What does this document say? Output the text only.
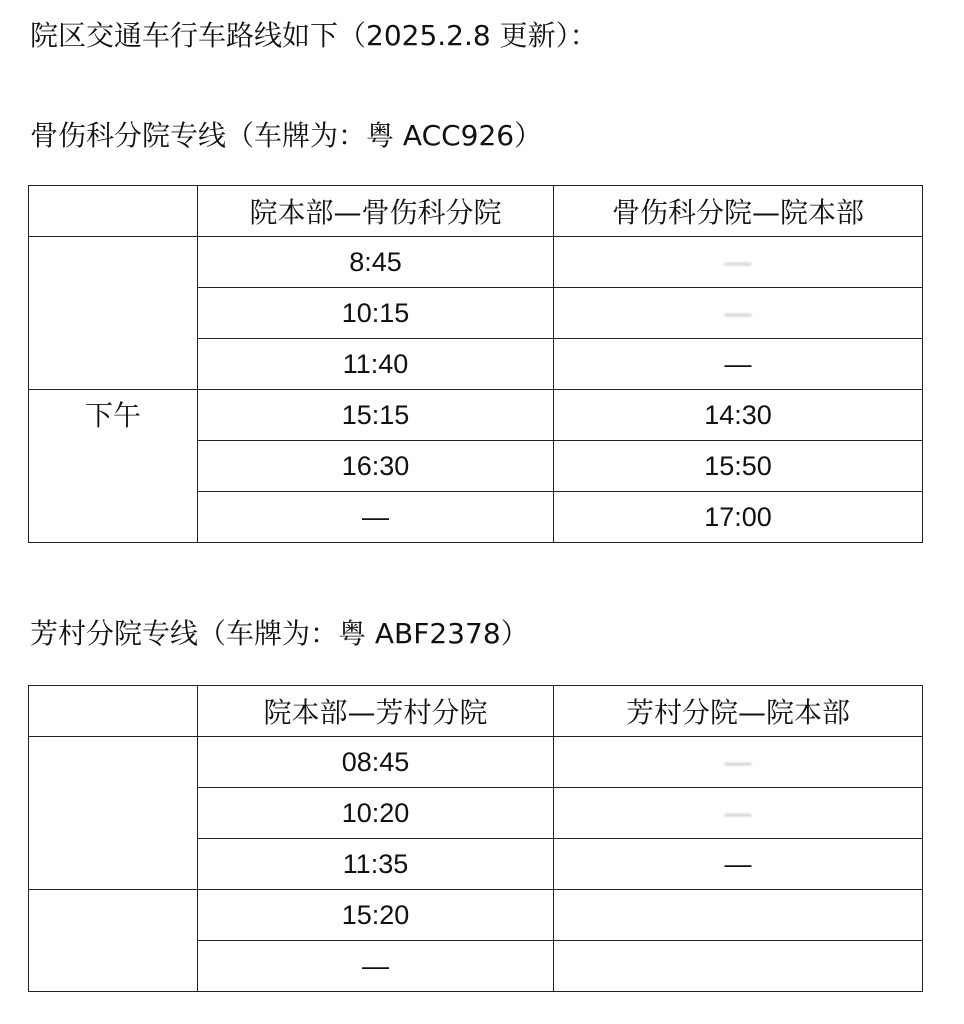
院区交通车行车路线如下（2025.2.8 更新）：
骨伤科分院专线（车牌为：粤 ACC926）
	院本部—骨伤科分院	骨伤科分院—院本部
	8:45	—
	10:15	—
	11:40	—
下午	15:15	14:30
	16:30	15:50
	—	17:00
芳村分院专线（车牌为：粤 ABF2378）
	院本部—芳村分院	芳村分院—院本部
	08:45	—
	10:20	—
	11:35	—
	15:20	
	—	
